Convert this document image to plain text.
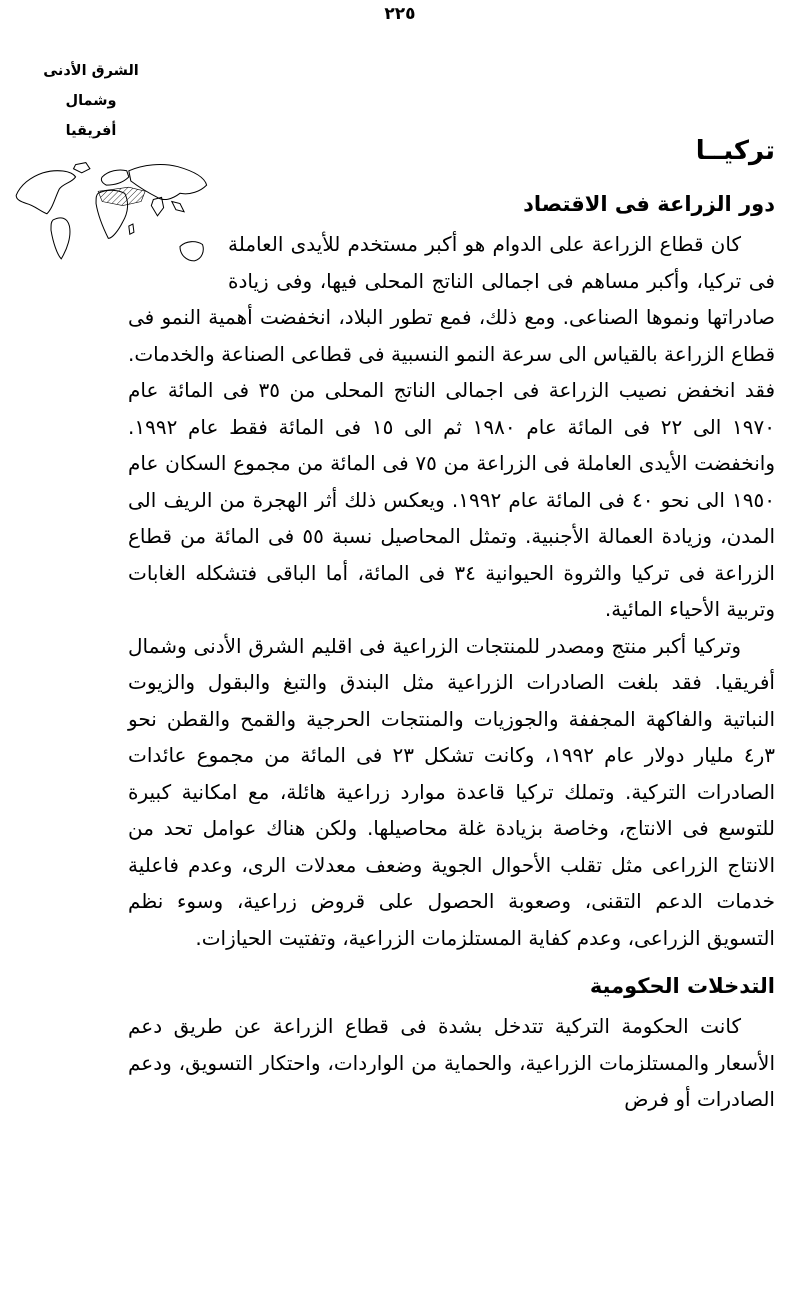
٢٢٥
الشرق الأدنى وشمال
أفريقيا
تركيــا
دور الزراعة فى الاقتصاد

كان قطاع الزراعة على الدوام هو أكبر مستخدم للأيدى العاملة فى تركيا، وأكبر مساهم فى اجمالى الناتج المحلى فيها، وفى زيادة صادراتها ونموها الصناعى. ومع ذلك، فمع تطور البلاد، انخفضت أهمية النمو فى قطاع الزراعة بالقياس الى سرعة النمو النسبية فى قطاعى الصناعة والخدمات. فقد انخفض نصيب الزراعة فى اجمالى الناتج المحلى من ٣٥ فى المائة عام ١٩٧٠ الى ٢٢ فى المائة عام ١٩٨٠ ثم الى ١٥ فى المائة فقط عام ١٩٩٢. وانخفضت الأيدى العاملة فى الزراعة من ٧٥ فى المائة من مجموع السكان عام ١٩٥٠ الى نحو ٤٠ فى المائة عام ١٩٩٢. ويعكس ذلك أثر الهجرة من الريف الى المدن، وزيادة العمالة الأجنبية. وتمثل المحاصيل نسبة ٥٥ فى المائة من قطاع الزراعة فى تركيا والثروة الحيوانية ٣٤ فى المائة، أما الباقى فتشكله الغابات وتربية الأحياء المائية.

وتركيا أكبر منتج ومصدر للمنتجات الزراعية فى اقليم الشرق الأدنى وشمال أفريقيا. فقد بلغت الصادرات الزراعية مثل البندق والتبغ والبقول والزيوت النباتية والفاكهة المجففة والجوزيات والمنتجات الحرجية والقمح والقطن نحو ٣ر٤ مليار دولار عام ١٩٩٢، وكانت تشكل ٢٣ فى المائة من مجموع عائدات الصادرات التركية. وتملك تركيا قاعدة موارد زراعية هائلة، مع امكانية كبيرة للتوسع فى الانتاج، وخاصة بزيادة غلة محاصيلها. ولكن هناك عوامل تحد من الانتاج الزراعى مثل تقلب الأحوال الجوية وضعف معدلات الرى، وعدم فاعلية خدمات الدعم التقنى، وصعوبة الحصول على قروض زراعية، وسوء نظم التسويق الزراعى، وعدم كفاية المستلزمات الزراعية، وتفتيت الحيازات.

التدخلات الحكومية

كانت الحكومة التركية تتدخل بشدة فى قطاع الزراعة عن طريق دعم الأسعار والمستلزمات الزراعية، والحماية من الواردات، واحتكار التسويق، ودعم الصادرات أو فرض
